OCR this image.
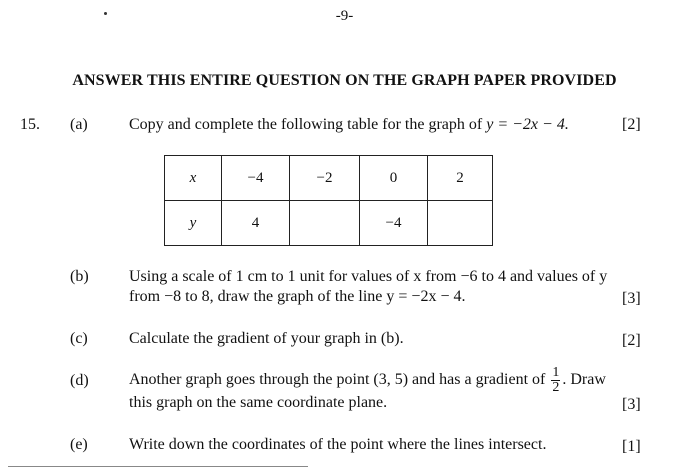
-9-
ANSWER THIS ENTIRE QUESTION ON THE GRAPH PAPER PROVIDED
15. (a)	Copy and complete the following table for the graph of y = −2x − 4.	[2]
x	−4	−2	0	2
y	4		−4	
(b)	Using a scale of 1 cm to 1 unit for values of x from −6 to 4 and values of y
from −8 to 8, draw the graph of the line y = −2x − 4.	[3]
(c)	Calculate the gradient of your graph in (b).	[2]
(d)	Another graph goes through the point (3, 5) and has a gradient of $\frac{1}{2}$ . Draw
this graph on the same coordinate plane.	[3]
(e)	Write down the coordinates of the point where the lines intersect.	[1]
